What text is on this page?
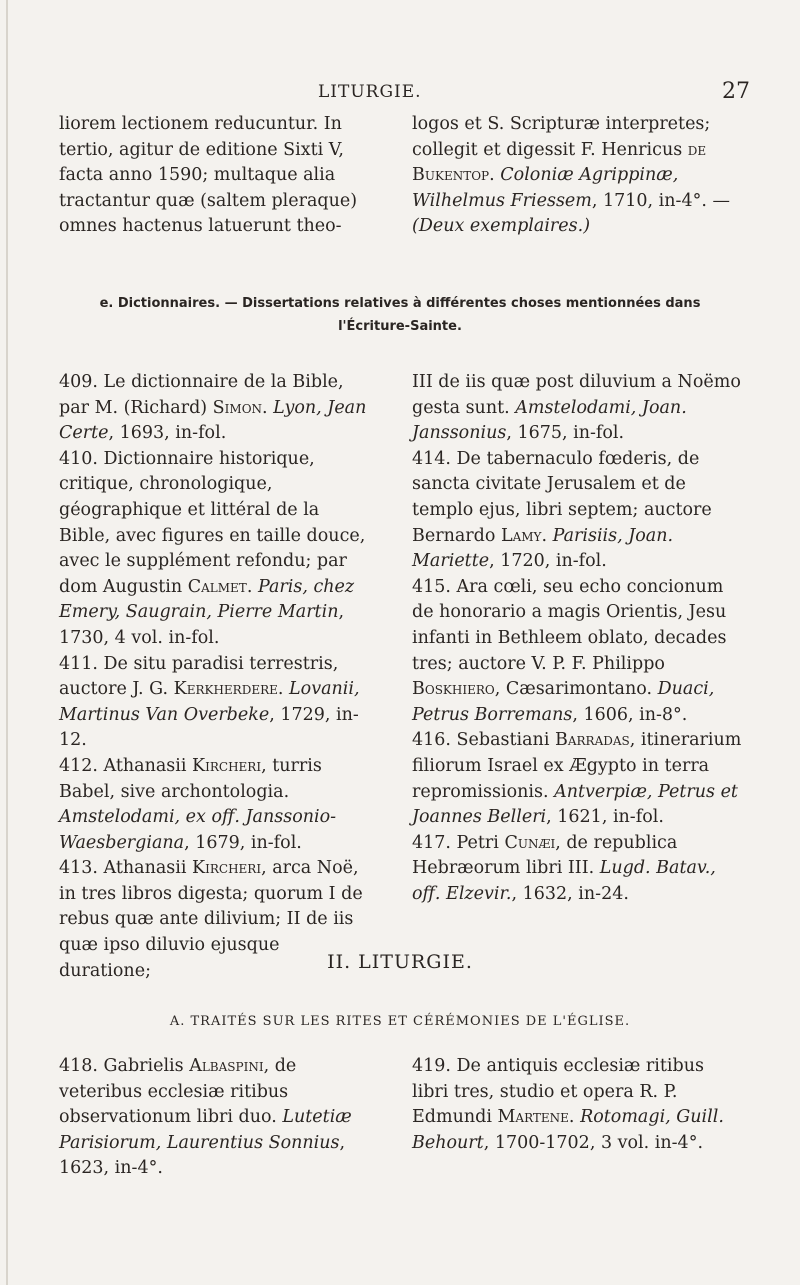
LITURGIE.	27

liorem lectionem reducuntur. In tertio, agitur de editione Sixti V, facta anno 1590; multaque alia tractantur quæ (saltem pleraque) omnes hactenus latuerunt theo-

logos et S. Scripturæ interpretes; collegit et digessit F. Henricus de Bukentop. Coloniæ Agrippinæ, Wilhelmus Friessem, 1710, in-4°. — (Deux exemplaires.)

e. Dictionnaires. — Dissertations relatives à différentes choses mentionnées dans
l'Écriture-Sainte.

409. Le dictionnaire de la Bible, par M. (Richard) Simon. Lyon, Jean Certe, 1693, in-fol.

410. Dictionnaire historique, critique, chronologique, géographique et littéral de la Bible, avec figures en taille douce, avec le supplément refondu; par dom Augustin Calmet. Paris, chez Emery, Saugrain, Pierre Martin, 1730, 4 vol. in-fol.

411. De situ paradisi terrestris, auctore J. G. Kerkherdere. Lovanii, Martinus Van Overbeke, 1729, in-12.

412. Athanasii Kircheri, turris Babel, sive archontologia. Amstelodami, ex off. Janssonio-Waesbergiana, 1679, in-fol.

413. Athanasii Kircheri, arca Noë, in tres libros digesta; quorum I de rebus quæ ante dilivium; II de iis quæ ipso diluvio ejusque duratione;

III de iis quæ post diluvium a Noëmo gesta sunt. Amstelodami, Joan. Janssonius, 1675, in-fol.

414. De tabernaculo fœderis, de sancta civitate Jerusalem et de templo ejus, libri septem; auctore Bernardo Lamy. Parisiis, Joan. Mariette, 1720, in-fol.

415. Ara cœli, seu echo concionum de honorario a magis Orientis, Jesu infanti in Bethleem oblato, decades tres; auctore V. P. F. Philippo Boskhiero, Cæsarimontano. Duaci, Petrus Borremans, 1606, in-8°.

416. Sebastiani Barradas, itinerarium filiorum Israel ex Ægypto in terra repromissionis. Antverpiæ, Petrus et Joannes Belleri, 1621, in-fol.

417. Petri Cunæi, de republica Hebræorum libri III. Lugd. Batav., off. Elzevir., 1632, in-24.

II. LITURGIE.
A. TRAITÉS SUR LES RITES ET CÉRÉMONIES DE L'ÉGLISE.

418. Gabrielis Albaspini, de veteribus ecclesiæ ritibus observationum libri duo. Lutetiæ Parisiorum, Laurentius Sonnius, 1623, in-4°.

419. De antiquis ecclesiæ ritibus libri tres, studio et opera R. P. Edmundi Martene. Rotomagi, Guill. Behourt, 1700-1702, 3 vol. in-4°.
